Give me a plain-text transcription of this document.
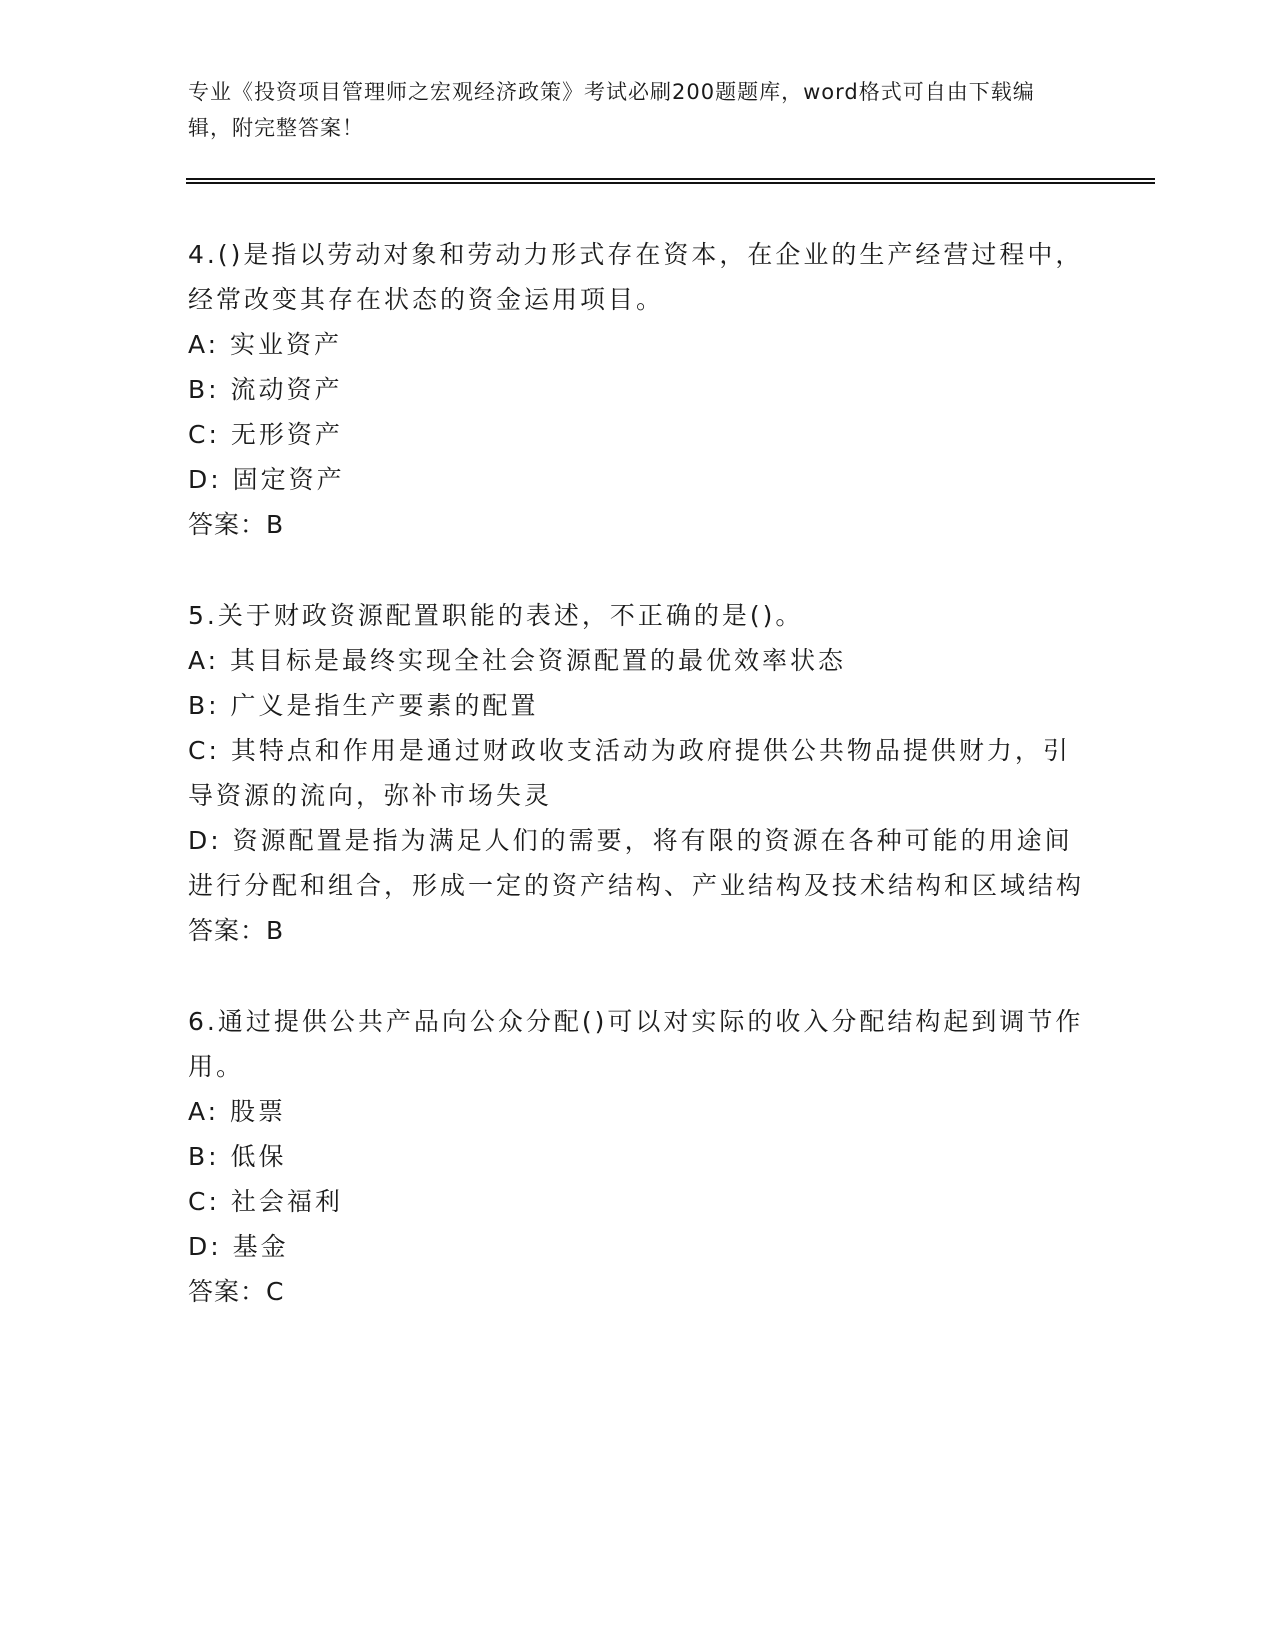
专业《投资项目管理师之宏观经济政策》考试必刷200题题库，word格式可自由下载编辑，附完整答案！

4.()是指以劳动对象和劳动力形式存在资本，在企业的生产经营过程中，经常改变其存在状态的资金运用项目。

A: 实业资产

B: 流动资产

C: 无形资产

D: 固定资产

答案：B

5.关于财政资源配置职能的表述，不正确的是()。

A: 其目标是最终实现全社会资源配置的最优效率状态

B: 广义是指生产要素的配置

C: 其特点和作用是通过财政收支活动为政府提供公共物品提供财力，引导资源的流向，弥补市场失灵

D: 资源配置是指为满足人们的需要，将有限的资源在各种可能的用途间进行分配和组合，形成一定的资产结构、产业结构及技术结构和区域结构

答案：B

6.通过提供公共产品向公众分配()可以对实际的收入分配结构起到调节作用。

A: 股票

B: 低保

C: 社会福利

D: 基金

答案：C
